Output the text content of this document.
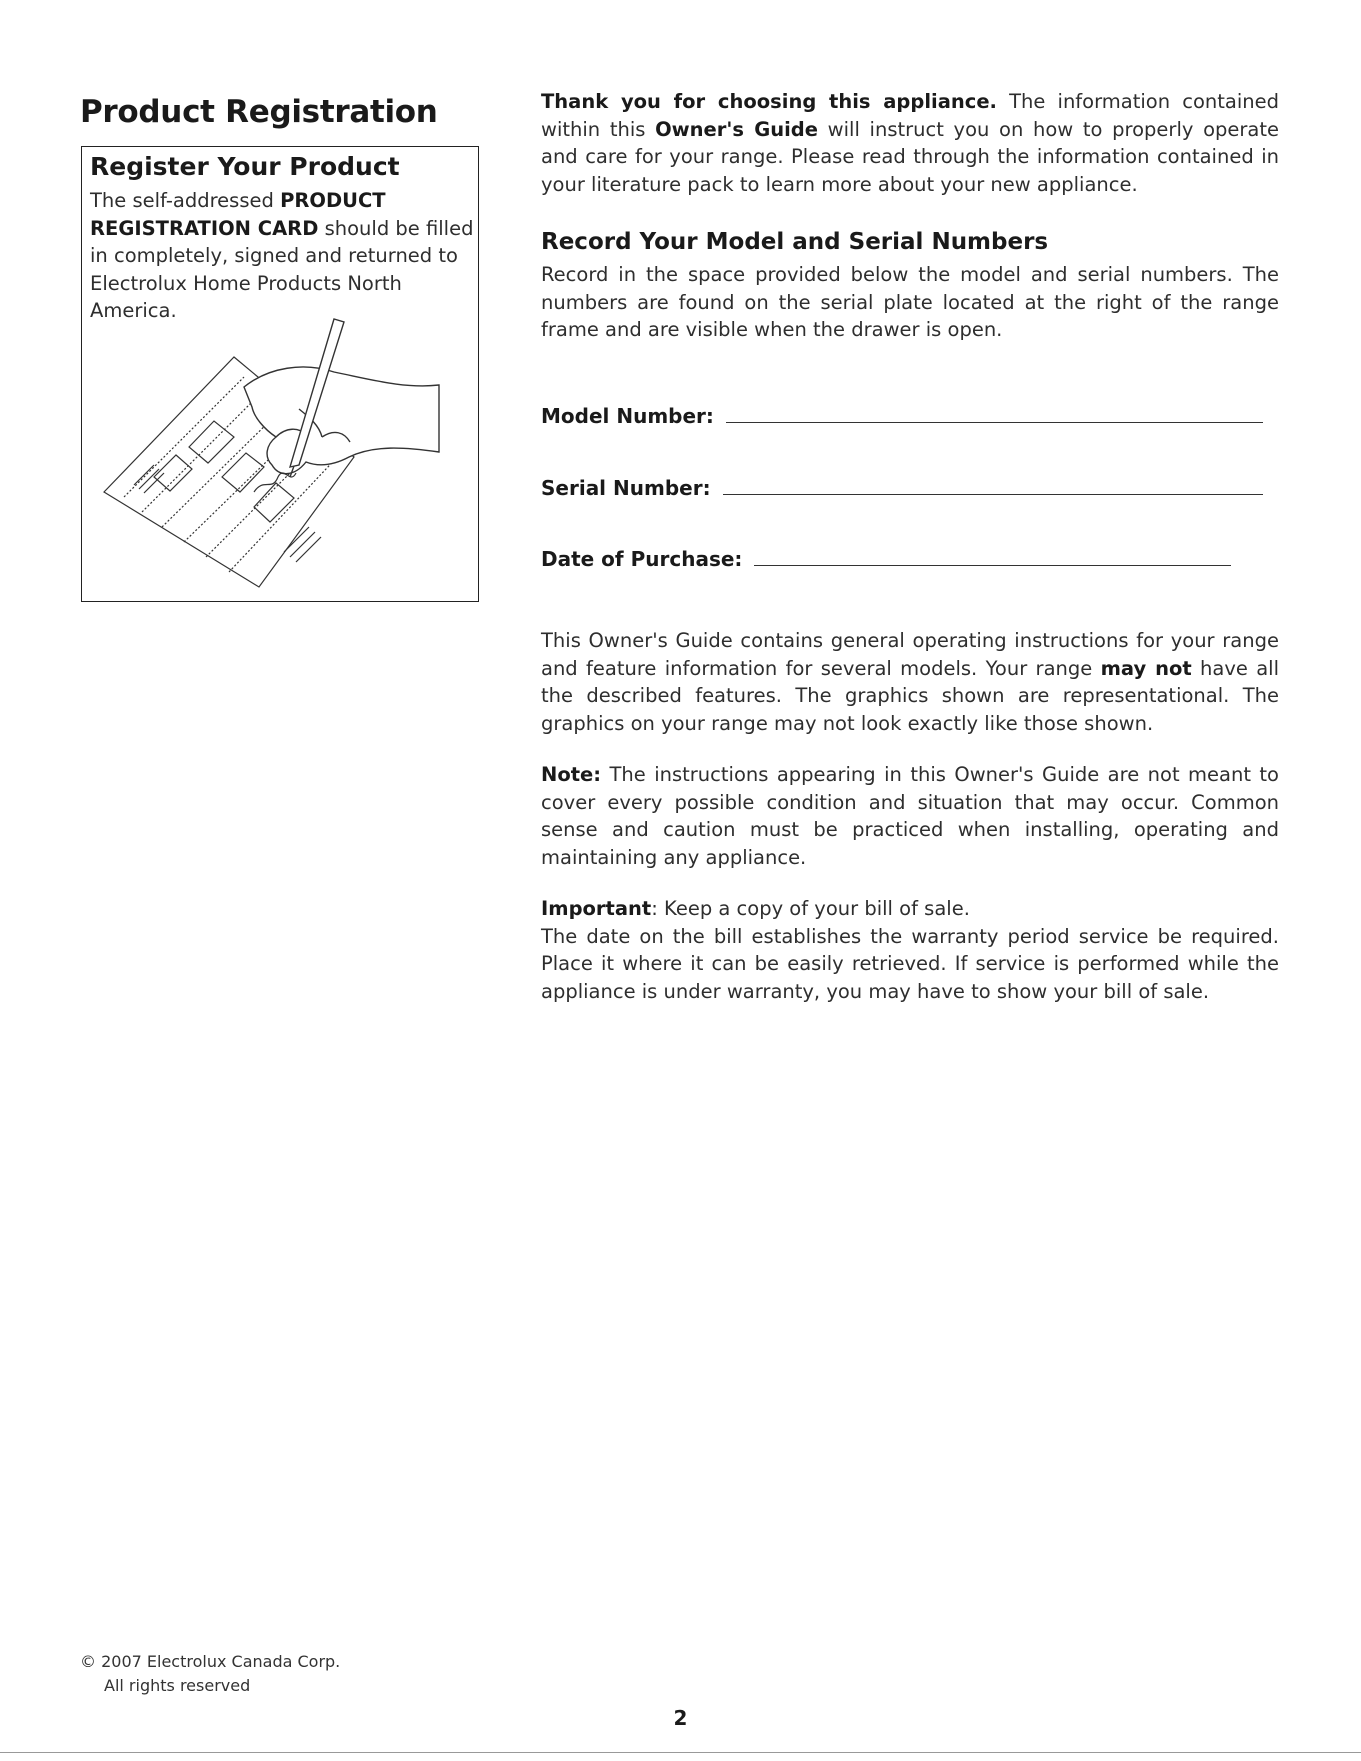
Product Registration
Register Your Product

The self-addressed PRODUCT REGISTRATION CARD should be filled in completely, signed and returned to Electrolux Home Products North America.

Thank you for choosing this appliance. The information contained within this Owner's Guide will instruct you on how to properly operate and care for your range. Please read through the information contained in your literature pack to learn more about your new appliance.

Record Your Model and Serial Numbers

Record in the space provided below the model and serial numbers. The numbers are found on the serial plate located at the right of the range frame and are visible when the drawer is open.

Model Number:
Serial Number:
Date of Purchase:

This Owner's Guide contains general operating instructions for your range and feature information for several models. Your range may not have all the described features. The graphics shown are representational. The graphics on your range may not look exactly like those shown.

Note: The instructions appearing in this Owner's Guide are not meant to cover every possible condition and situation that may occur. Common sense and caution must be practiced when installing, operating and maintaining any appliance.

Important: Keep a copy of your bill of sale.

The date on the bill establishes the warranty period service be required. Place it where it can be easily retrieved. If service is performed while the appliance is under warranty, you may have to show your bill of sale.

© 2007 Electrolux Canada Corp.
All rights reserved
2
